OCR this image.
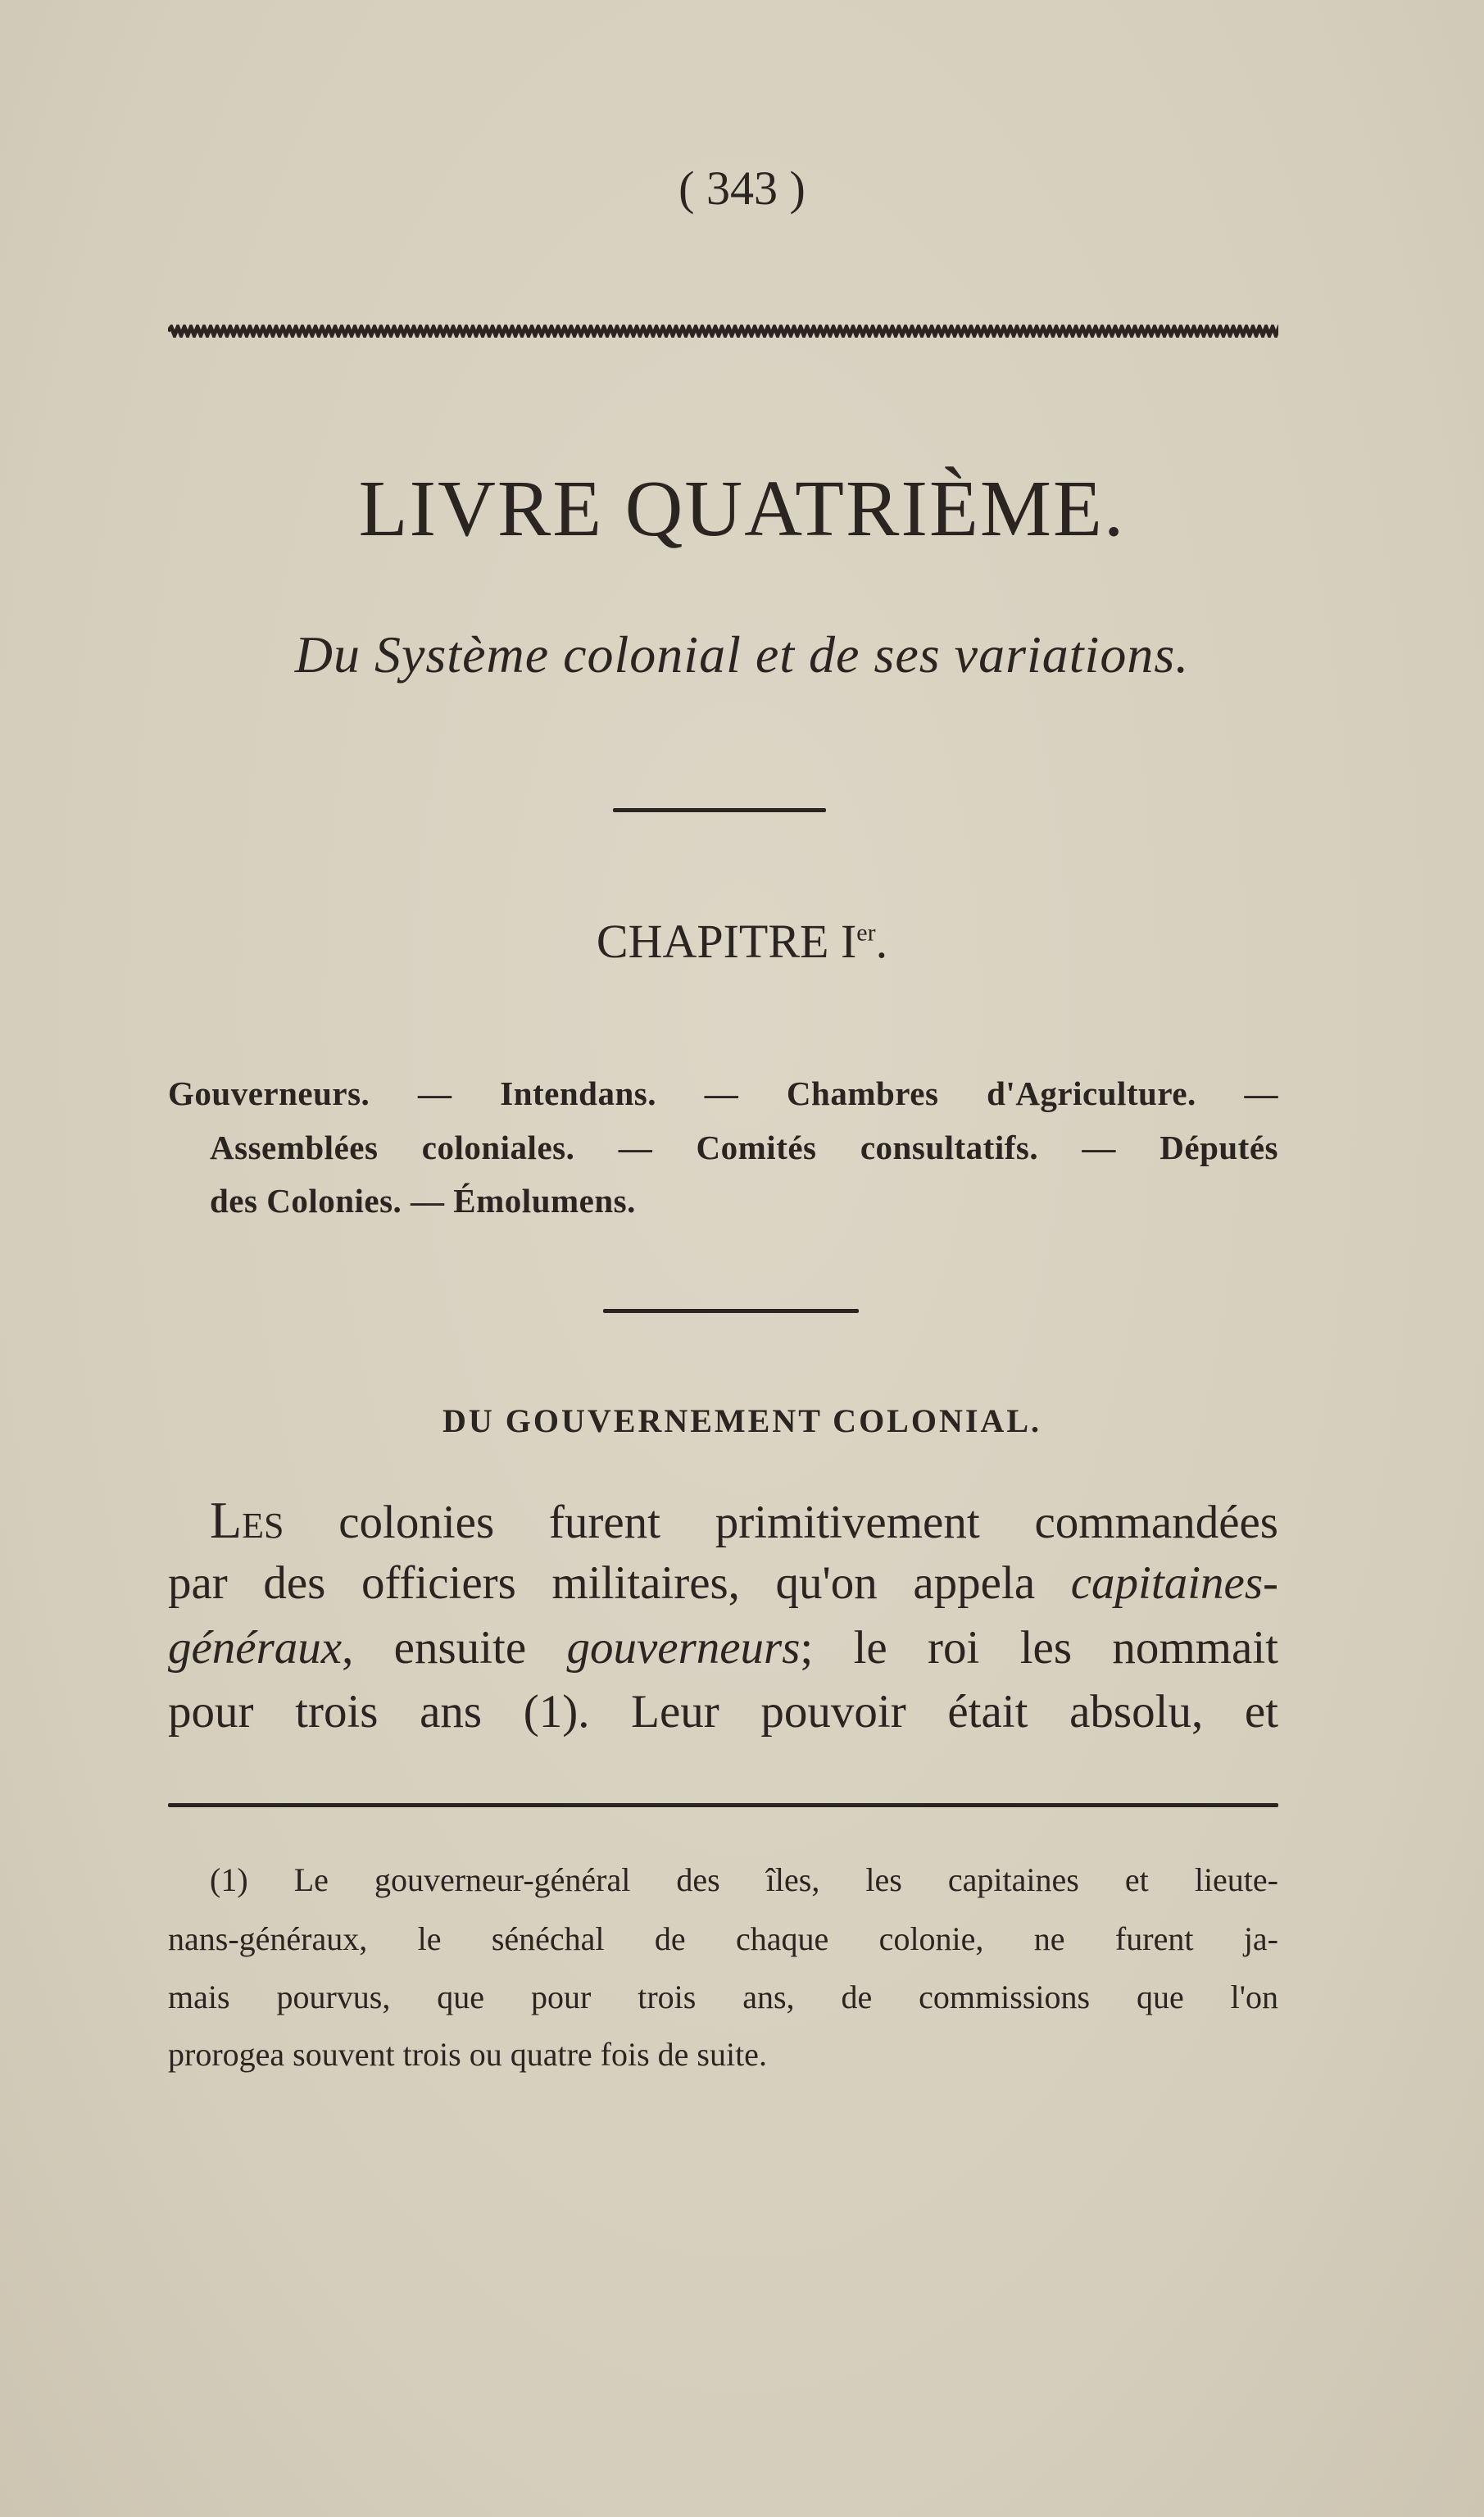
( 343 )
LIVRE QUATRIÈME.
Du Système colonial et de ses variations.
CHAPITRE Ier.
Gouverneurs. — Intendans. — Chambres d'Agriculture. —
Assemblées coloniales. — Comités consultatifs. — Députés
des Colonies. — Émolumens.
DU GOUVERNEMENT COLONIAL.
LES colonies furent primitivement commandées
par des officiers militaires, qu'on appela capitaines-
généraux, ensuite gouverneurs; le roi les nommait
pour trois ans (1). Leur pouvoir était absolu, et
(1) Le gouverneur-général des îles, les capitaines et lieute-
nans-généraux, le sénéchal de chaque colonie, ne furent ja-
mais pourvus, que pour trois ans, de commissions que l'on
prorogea souvent trois ou quatre fois de suite.
